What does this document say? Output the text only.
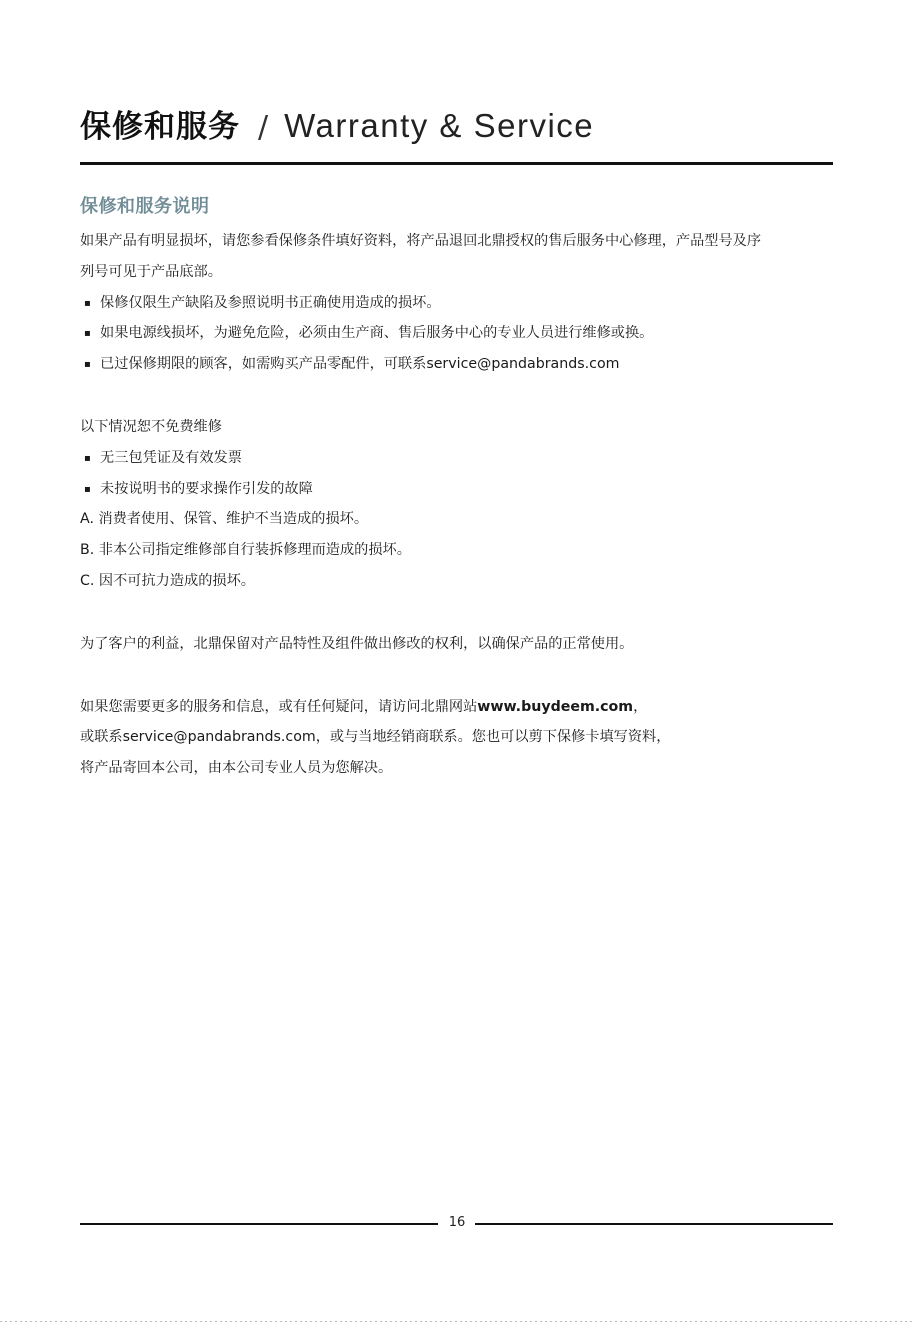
保修和服务 / Warranty & Service
保修和服务说明
如果产品有明显损坏，请您参看保修条件填好资料，将产品退回北鼎授权的售后服务中心修理，产品型号及序
列号可见于产品底部。
▪ 保修仅限生产缺陷及参照说明书正确使用造成的损坏。
▪ 如果电源线损坏，为避免危险，必须由生产商、售后服务中心的专业人员进行维修或换。
▪ 已过保修期限的顾客，如需购买产品零配件，可联系service@pandabrands.com
以下情况恕不免费维修
▪ 无三包凭证及有效发票
▪ 未按说明书的要求操作引发的故障
A. 消费者使用、保管、维护不当造成的损坏。
B. 非本公司指定维修部自行装拆修理而造成的损坏。
C. 因不可抗力造成的损坏。
为了客户的利益，北鼎保留对产品特性及组件做出修改的权利，以确保产品的正常使用。
如果您需要更多的服务和信息，或有任何疑问，请访问北鼎网站www.buydeem.com，
或联系service@pandabrands.com，或与当地经销商联系。您也可以剪下保修卡填写资料，
将产品寄回本公司，由本公司专业人员为您解决。
16
